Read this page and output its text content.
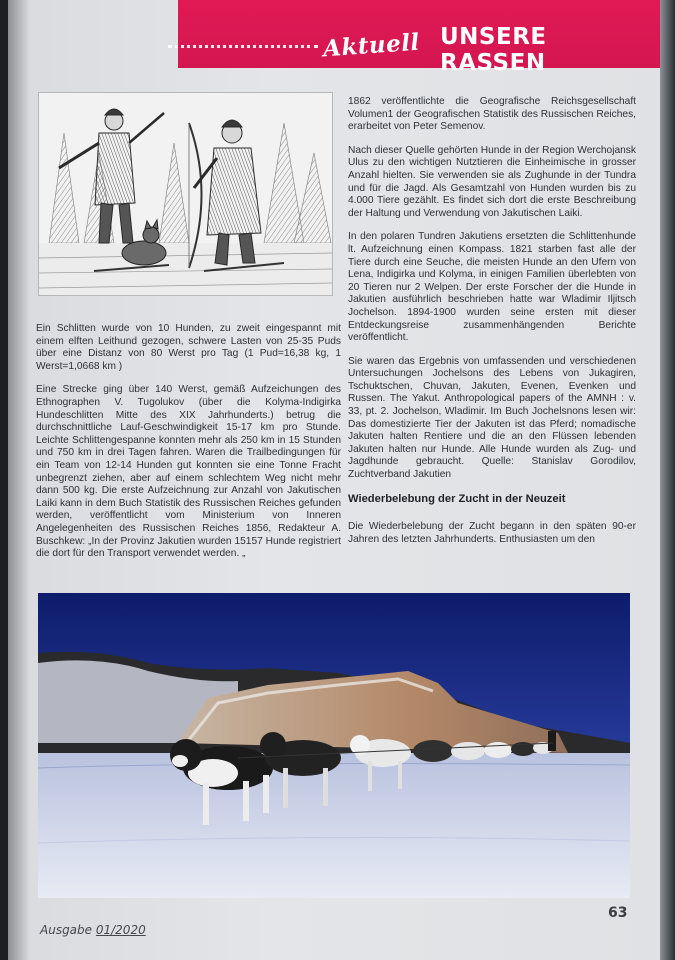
Aktuell UNSERE RASSEN

Ein Schlitten wurde von 10 Hunden, zu zweit eingespannt mit einem elften Leithund gezogen, schwere Lasten von 25-35 Puds über eine Distanz von 80 Werst pro Tag (1 Pud=16,38 kg, 1 Werst=1,0668 km )

Eine Strecke ging über 140 Werst, gemäß Aufzeichungen des Ethnographen V. Tugolukov (über die Kolyma-Indigirka Hundeschlitten Mitte des XIX Jahrhunderts.) betrug die durchschnittliche Lauf-Geschwindigkeit 15-17 km pro Stunde. Leichte Schlittengespanne konnten mehr als 250 km in 15 Stunden und 750 km in drei Tagen fahren. Waren die Trailbedingungen für ein Team von 12-14 Hunden gut konnten sie eine Tonne Fracht unbegrenzt ziehen, aber auf einem schlechtem Weg nicht mehr dann 500 kg. Die erste Aufzeichnung zur Anzahl von Jakutischen Laiki kann in dem Buch Statistik des Russischen Reiches gefunden werden, veröffentlicht vom Ministerium von Inneren Angelegenheiten des Russischen Reiches 1856, Redakteur A. Buschkew: „In der Provinz Jakutien wurden 15157 Hunde registriert die dort für den Transport verwendet werden. „

1862 veröffentlichte die Geografische Reichsgesellschaft Volumen1 der Geografischen Statistik des Russischen Reiches, erarbeitet von Peter Semenov.

Nach dieser Quelle gehörten Hunde in der Region Werchojansk Ulus zu den wichtigen Nutztieren die Einheimische in grosser Anzahl hielten. Sie verwenden sie als Zughunde in der Tundra und für die Jagd. Als Gesamtzahl von Hunden wurden bis zu 4.000 Tiere gezählt. Es findet sich dort die erste Beschreibung der Haltung und Verwendung von Jakutischen Laiki.

In den polaren Tundren Jakutiens ersetzten die Schlittenhunde lt. Aufzeichnung einen Kompass. 1821 starben fast alle der Tiere durch eine Seuche, die meisten Hunde an den Ufern von Lena, Indigirka und Kolyma, in einigen Familien überlebten von 20 Tieren nur 2 Welpen. Der erste Forscher der die Hunde in Jakutien ausführlich beschrieben hatte war Wladimir Iljitsch Jochelson. 1894-1900 wurden seine ersten mit dieser Entdeckungsreise zusammenhängenden Berichte veröffentlicht.

Sie waren das Ergebnis von umfassenden und verschiedenen Untersuchungen Jochelsons des Lebens von Jukagiren, Tschuktschen, Chuvan, Jakuten, Evenen, Evenken und Russen. The Yakut. Anthropological papers of the AMNH : v. 33, pt. 2. Jochelson, Wladimir. Im Buch Jochelsnons lesen wir: Das domestizierte Tier der Jakuten ist das Pferd; nomadische Jakuten halten Rentiere und die an den Flüssen lebenden Jakuten halten nur Hunde. Alle Hunde wurden als Zug- und Jagdhunde gebraucht. Quelle: Stanislav Gorodilov, Zuchtverband Jakutien

Wiederbelebung der Zucht in der Neuzeit

Die Wiederbelebung der Zucht begann in den späten 90-er Jahren des letzten Jahrhunderts. Enthusiasten um den

Ausgabe 01/2020
63
